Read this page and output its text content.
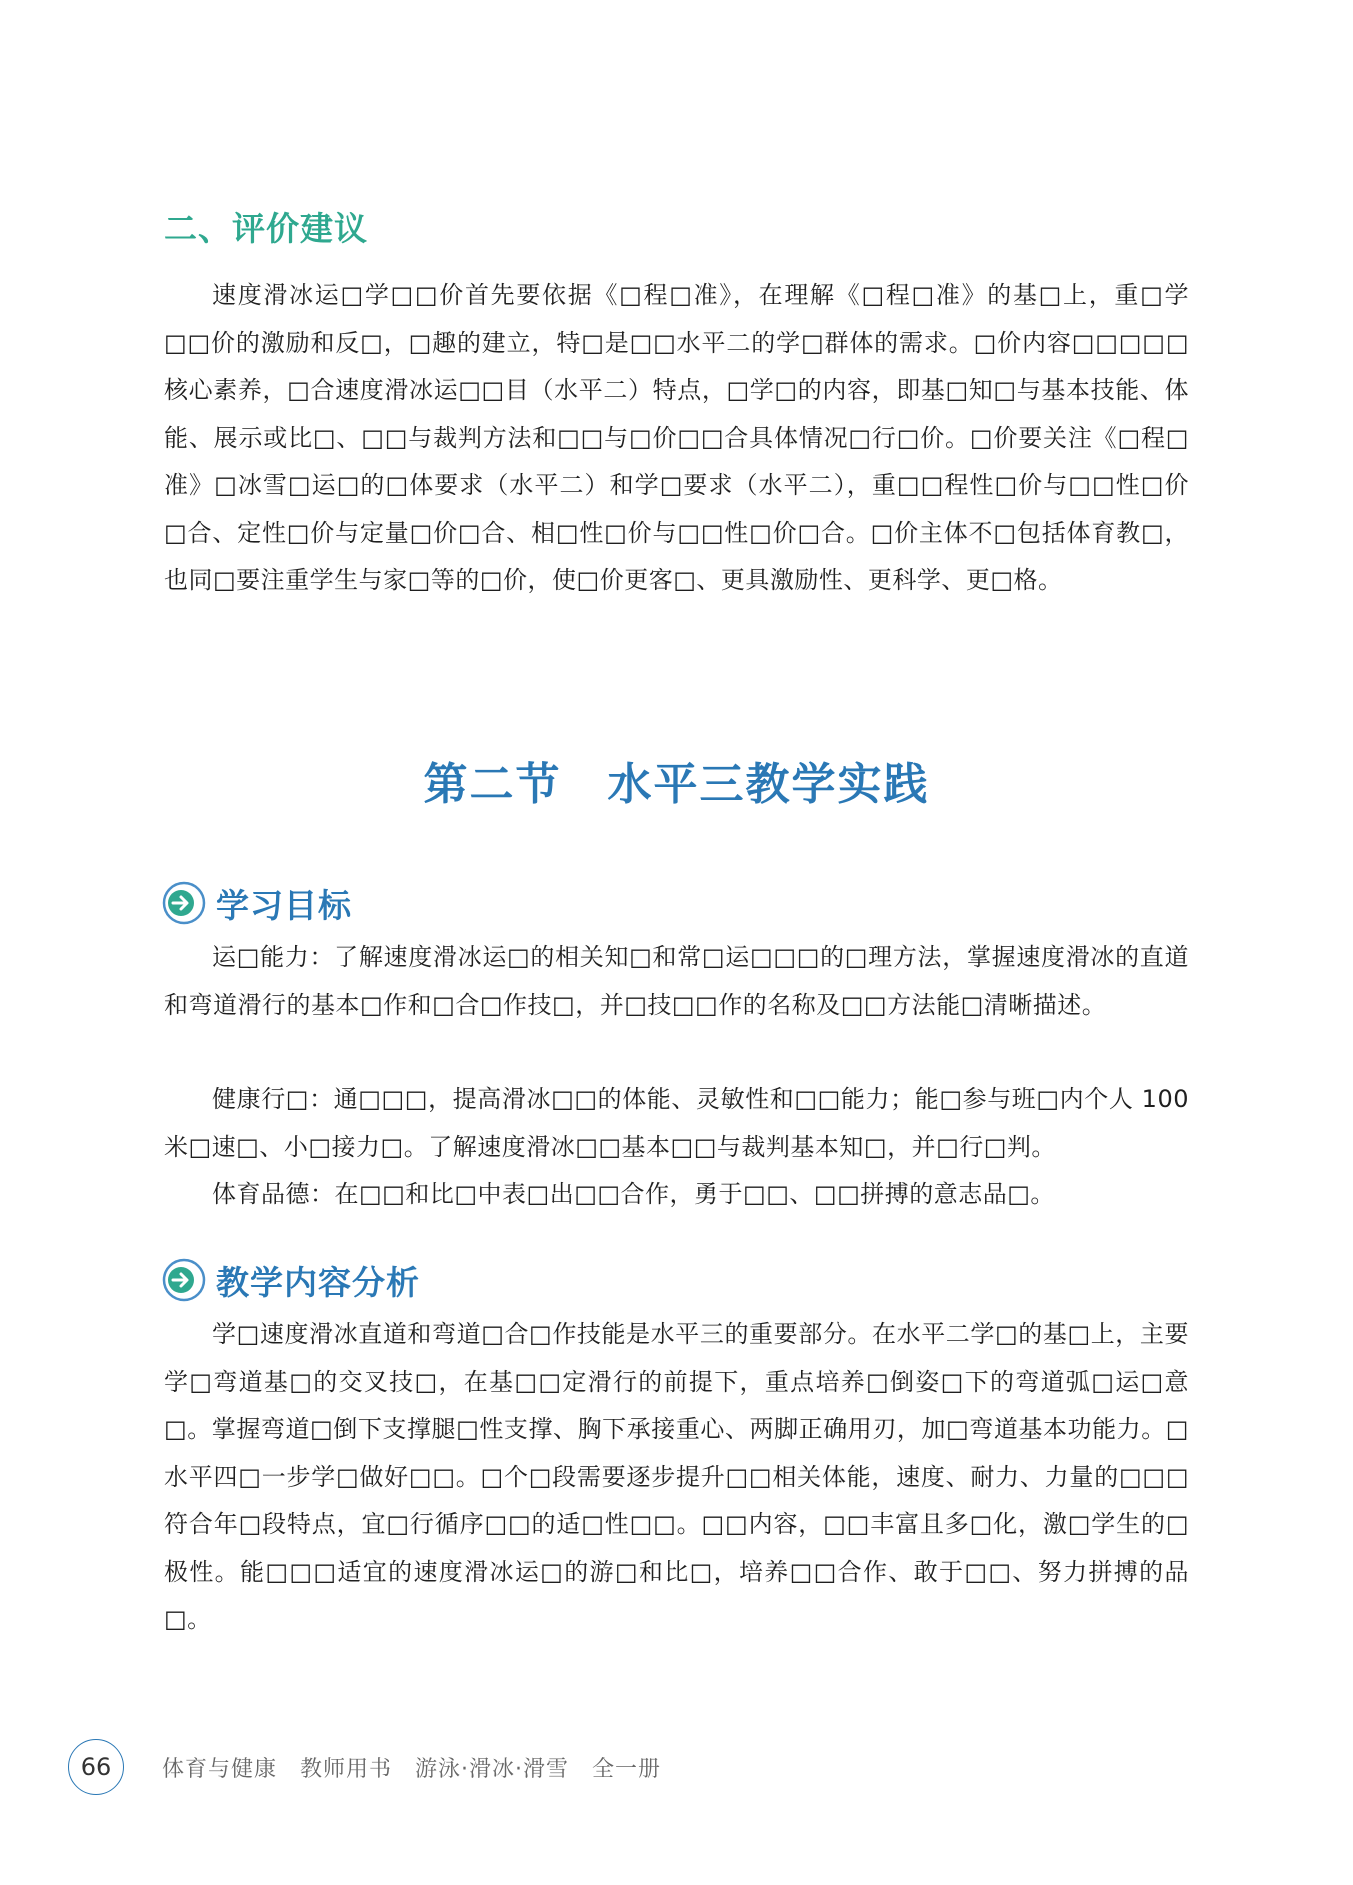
二、评价建议

速度滑冰运□学□□价首先要依据《□程□准》，在理解《□程□准》的基□上，重□学□□价的激励和反□，□趣的建立，特□是□□水平二的学□群体的需求。□价内容□□□□□核心素养，□合速度滑冰运□□目（水平二）特点，□学□的内容，即基□知□与基本技能、体能、展示或比□、□□与裁判方法和□□与□价□□合具体情况□行□价。□价要关注《□程□准》□冰雪□运□的□体要求（水平二）和学□要求（水平二），重□□程性□价与□□性□价□合、定性□价与定量□价□合、相□性□价与□□性□价□合。□价主体不□包括体育教□，也同□要注重学生与家□等的□价，使□价更客□、更具激励性、更科学、更□格。

第二节　水平三教学实践
学习目标

运□能力：了解速度滑冰运□的相关知□和常□运□□□的□理方法，掌握速度滑冰的直道和弯道滑行的基本□作和□合□作技□，并□技□□作的名称及□□方法能□清晰描述。

健康行□：通□□□，提高滑冰□□的体能、灵敏性和□□能力；能□参与班□内个人 100 米□速□、小□接力□。了解速度滑冰□□基本□□与裁判基本知□，并□行□判。

体育品德：在□□和比□中表□出□□合作，勇于□□、□□拼搏的意志品□。

教学内容分析

学□速度滑冰直道和弯道□合□作技能是水平三的重要部分。在水平二学□的基□上，主要学□弯道基□的交叉技□，在基□□定滑行的前提下，重点培养□倒姿□下的弯道弧□运□意□。掌握弯道□倒下支撑腿□性支撑、胸下承接重心、两脚正确用刃，加□弯道基本功能力。□水平四□一步学□做好□□。□个□段需要逐步提升□□相关体能，速度、耐力、力量的□□□符合年□段特点，宜□行循序□□的适□性□□。□□内容，□□丰富且多□化，激□学生的□极性。能□□□适宜的速度滑冰运□的游□和比□，培养□□合作、敢于□□、努力拼搏的品□。

66	体育与健康　教师用书　游泳·滑冰·滑雪　全一册
